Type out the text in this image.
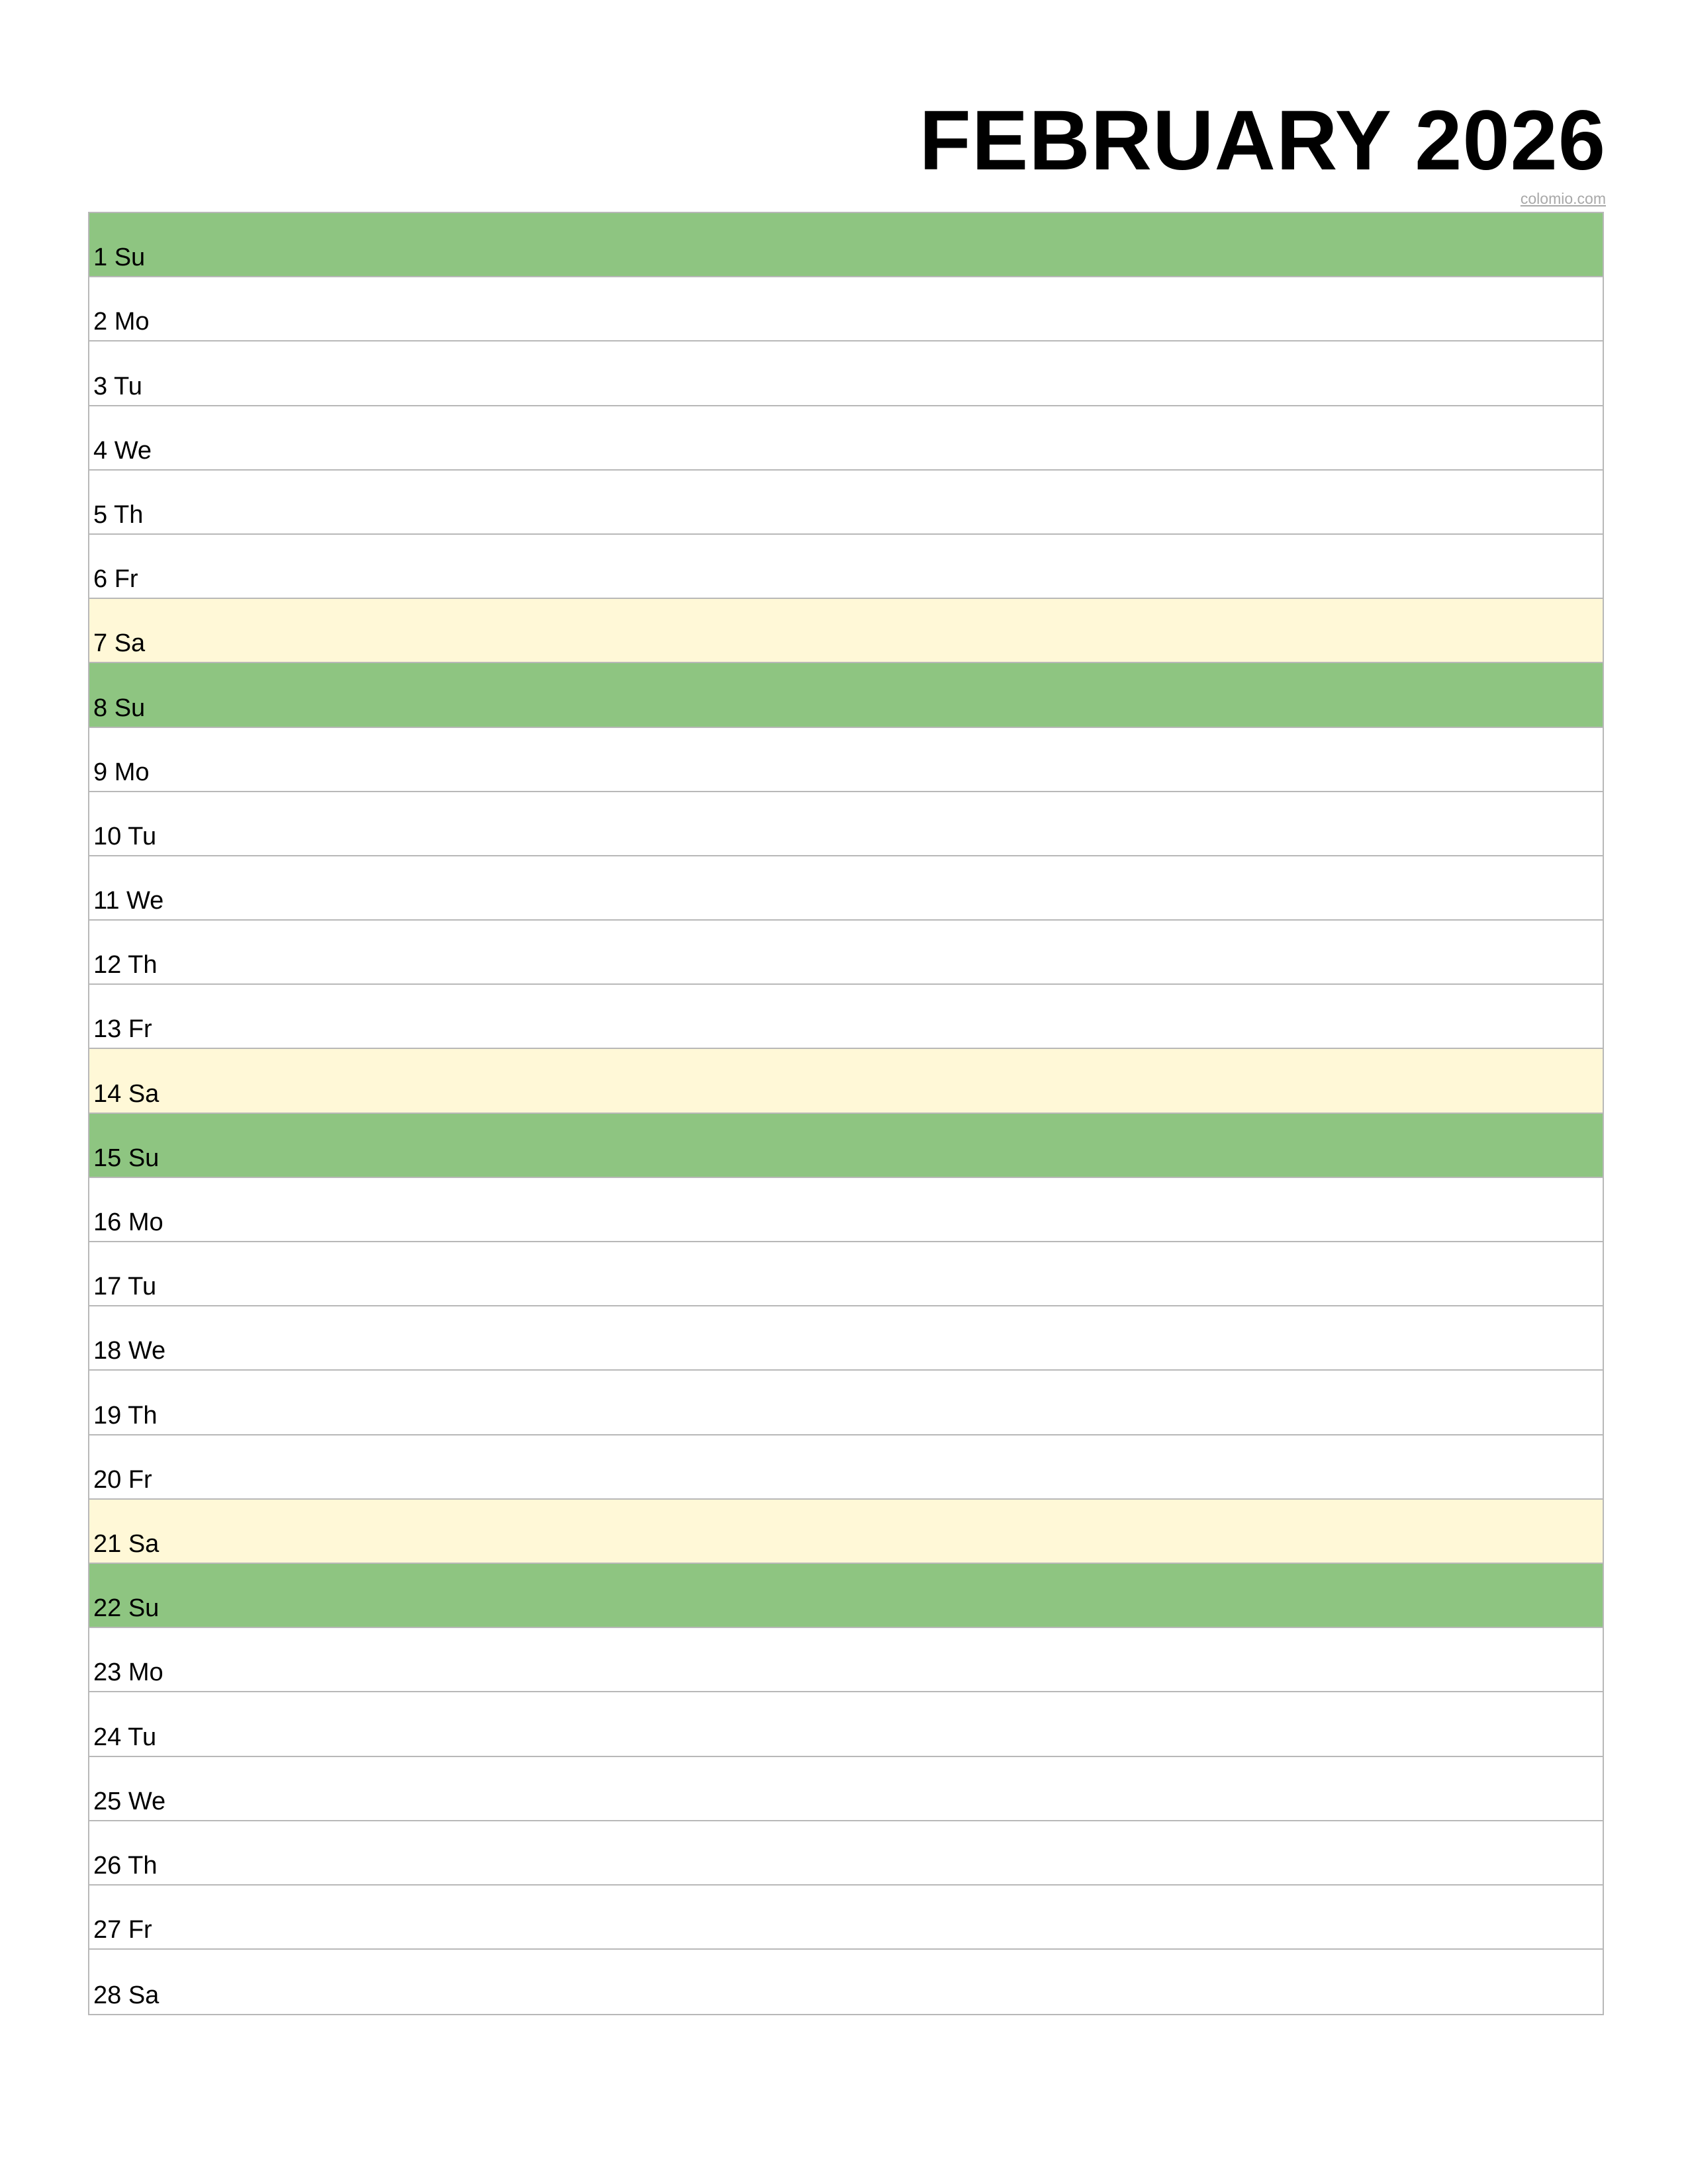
FEBRUARY 2026
colomio.com
1 Su
2 Mo
3 Tu
4 We
5 Th
6 Fr
7 Sa
8 Su
9 Mo
10 Tu
11 We
12 Th
13 Fr
14 Sa
15 Su
16 Mo
17 Tu
18 We
19 Th
20 Fr
21 Sa
22 Su
23 Mo
24 Tu
25 We
26 Th
27 Fr
28 Sa
